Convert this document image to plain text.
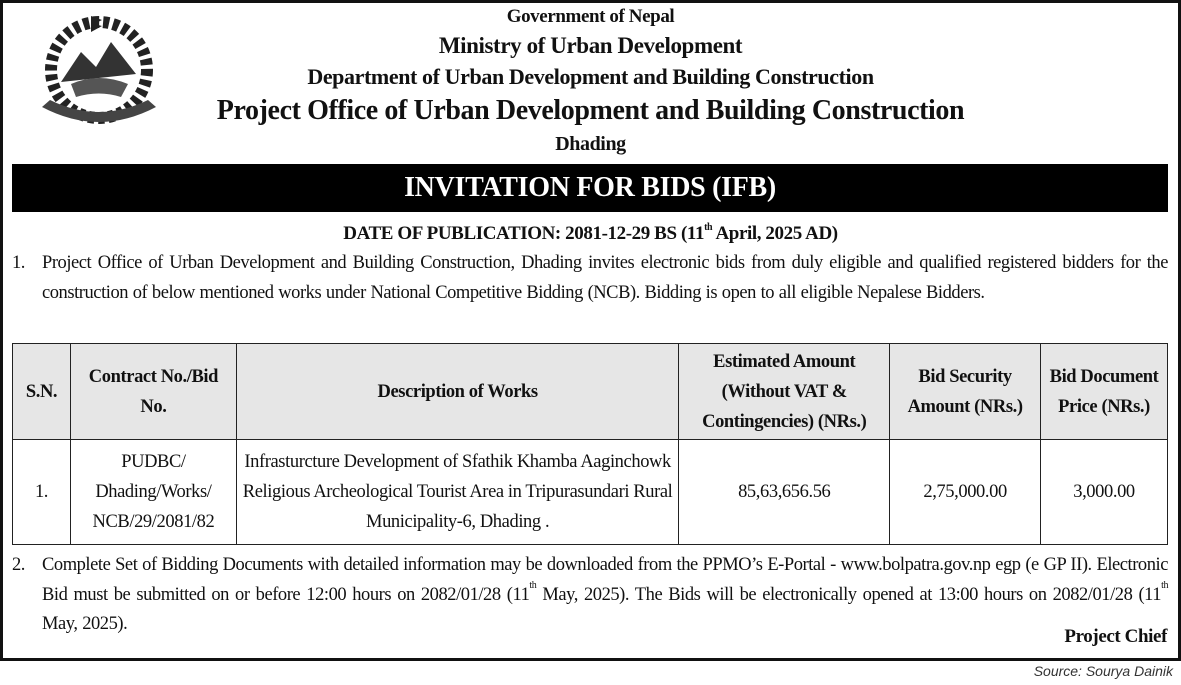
Government of Nepal
Ministry of Urban Development
Department of Urban Development and Building Construction
Project Office of Urban Development and Building Construction
Dhading
INVITATION FOR BIDS (IFB)
DATE OF PUBLICATION: 2081-12-29 BS (11th April, 2025 AD)
1. Project Office of Urban Development and Building Construction, Dhading invites electronic bids from duly eligible and qualified registered bidders for the construction of below mentioned works under National Competitive Bidding (NCB). Bidding is open to all eligible Nepalese Bidders.
S.N.	Contract No./Bid No.	Description of Works	Estimated Amount (Without VAT & Contingencies) (NRs.)	Bid Security Amount (NRs.)	Bid Document Price (NRs.)
1.	PUDBC/ Dhading/Works/ NCB/29/2081/82	Infrasturcture Development of Sfathik Khamba Aaginchowk Religious Archeological Tourist Area in Tripurasundari Rural Municipality-6, Dhading .	85,63,656.56	2,75,000.00	3,000.00
2. Complete Set of Bidding Documents with detailed information may be downloaded from the PPMO’s E-Portal - www.bolpatra.gov.np egp (e GP II). Electronic Bid must be submitted on or before 12:00 hours on 2082/01/28 (11th May, 2025). The Bids will be electronically opened at 13:00 hours on 2082/01/28 (11th May, 2025).
Project Chief
Source: Sourya Dainik
